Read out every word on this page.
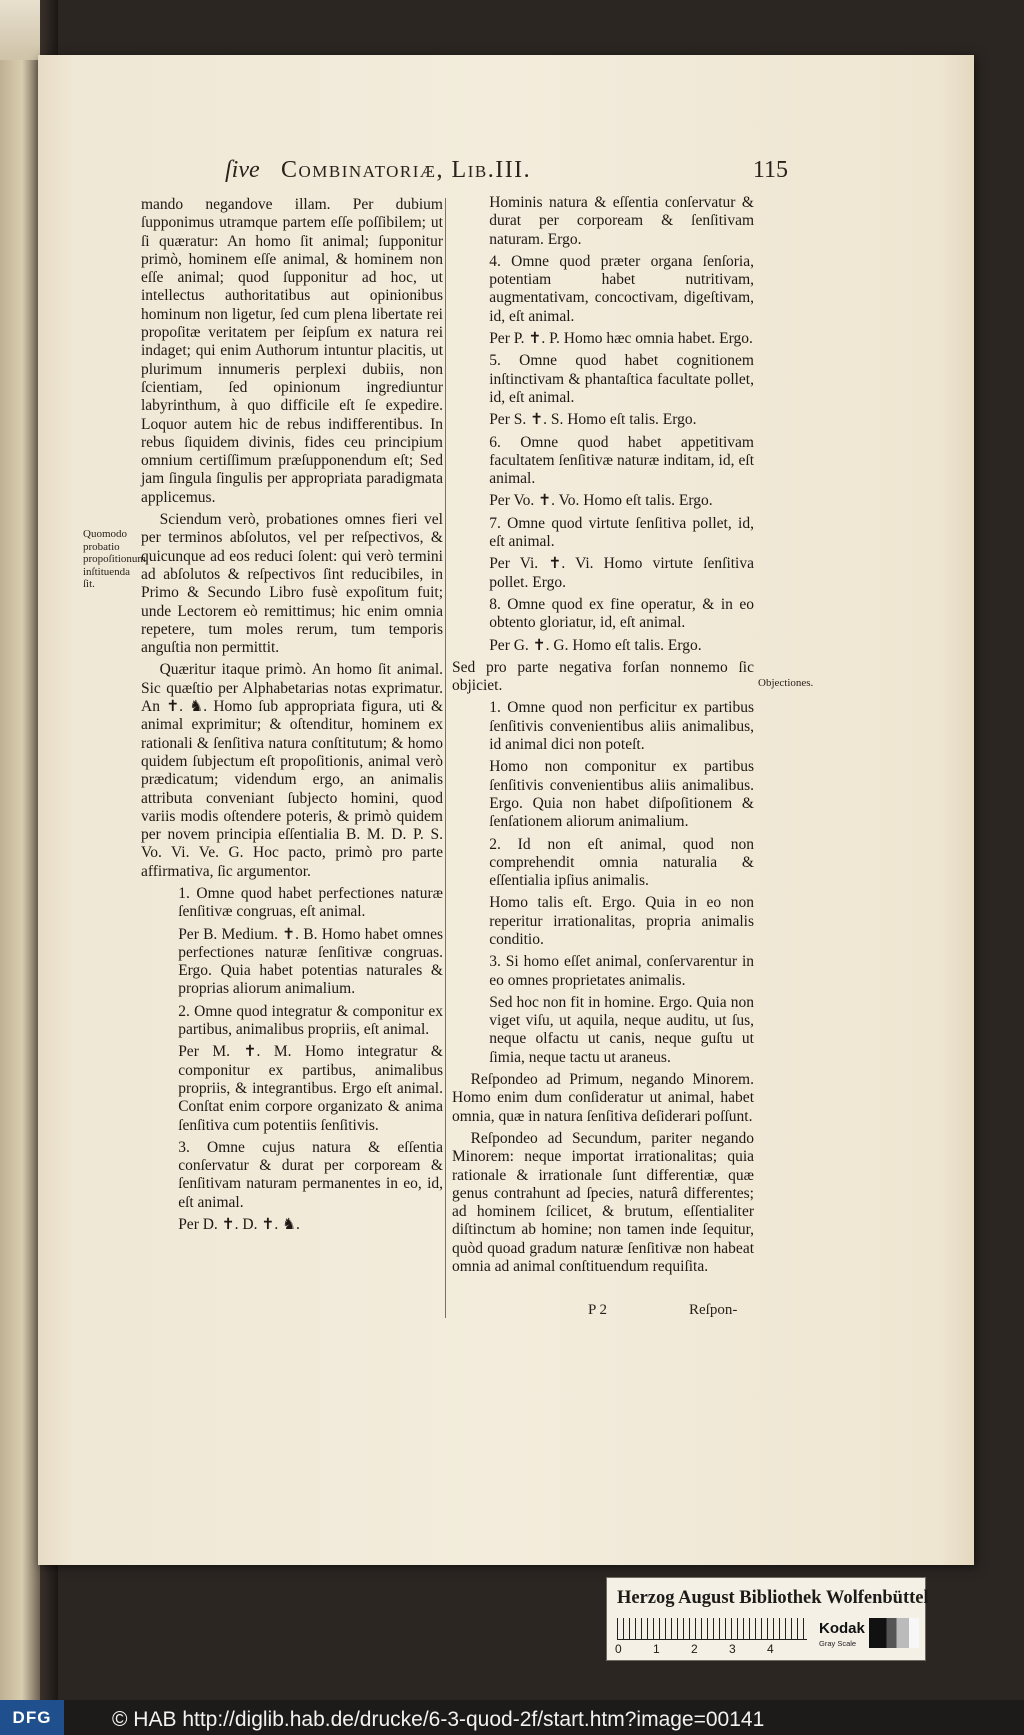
ſive Combinatoriæ, Lib.III.	115

mando negandove illam. Per dubium ſupponimus utramque partem eſſe poſſibilem; ut ſi quæratur: An homo ſit animal; ſupponitur primò, hominem eſſe animal, & hominem non eſſe animal; quod ſupponitur ad hoc, ut intellectus authoritatibus aut opinionibus hominum non ligetur, ſed cum plena libertate rei propoſitæ veritatem per ſeipſum ex natura rei indaget; qui enim Authorum intuntur placitis, ut plurimum innumeris perplexi dubiis, non ſcientiam, ſed opinionum ingrediuntur labyrinthum, à quo difficile eſt ſe expedire. Loquor autem hic de rebus indifferentibus. In rebus ſiquidem divinis, fides ceu principium omnium certiſſimum præſupponendum eſt; Sed jam ſingula ſingulis per appropriata paradigmata applicemus.

Sciendum verò, probationes omnes fieri vel per terminos abſolutos, vel per reſpectivos, & quicunque ad eos reduci ſolent: qui verò termini ad abſolutos & reſpectivos ſint reducibiles, in Primo & Secundo Libro fusè expoſitum fuit; unde Lectorem eò remittimus; hic enim omnia repetere, tum moles rerum, tum temporis anguſtia non permittit.

Quæritur itaque primò. An homo ſit animal. Sic quæſtio per Alphabetarias notas exprimatur. An ✝. ♞. Homo ſub appropriata figura, uti & animal exprimitur; & oſtenditur, hominem ex rationali & ſenſitiva natura conſtitutum; & homo quidem ſubjectum eſt propoſitionis, animal verò prædicatum; videndum ergo, an animalis attributa conveniant ſubjecto homini, quod variis modis oſtendere poteris, & primò quidem per novem principia eſſentialia B. M. D. P. S. Vo. Vi. Ve. G. Hoc pacto, primò pro parte affirmativa, ſic argumentor.

1. Omne quod habet perfectiones naturæ ſenſitivæ congruas, eſt animal.

Per B. Medium. ✝. B. Homo habet omnes perfectiones naturæ ſenſitivæ congruas. Ergo. Quia habet potentias naturales & proprias aliorum animalium.

2. Omne quod integratur & componitur ex partibus, animalibus propriis, eſt animal.

Per M. ✝. M. Homo integratur & componitur ex partibus, animalibus propriis, & integrantibus. Ergo eſt animal. Conſtat enim corpore organizato & anima ſenſitiva cum potentiis ſenſitivis.

3. Omne cujus natura & eſſentia conſervatur & durat per corpoream & ſenſitivam naturam permanentes in eo, id, eſt animal.

Per D. ✝. D. ✝. ♞.

Hominis natura & eſſentia conſervatur & durat per corpoream & ſenſitivam naturam. Ergo.

4. Omne quod præter organa ſenſoria, potentiam habet nutritivam, augmentativam, concoctivam, digeſtivam, id, eſt animal.

Per P. ✝. P. Homo hæc omnia habet. Ergo.

5. Omne quod habet cognitionem inſtinctivam & phantaſtica facultate pollet, id, eſt animal.

Per S. ✝. S. Homo eſt talis. Ergo.

6. Omne quod habet appetitivam facultatem ſenſitivæ naturæ inditam, id, eſt animal.

Per Vo. ✝. Vo. Homo eſt talis. Ergo.

7. Omne quod virtute ſenſitiva pollet, id, eſt animal.

Per Vi. ✝. Vi. Homo virtute ſenſitiva pollet. Ergo.

8. Omne quod ex fine operatur, & in eo obtento gloriatur, id, eſt animal.

Per G. ✝. G. Homo eſt talis. Ergo.

Sed pro parte negativa forſan nonnemo ſic objiciet.

1. Omne quod non perficitur ex partibus ſenſitivis convenientibus aliis animalibus, id animal dici non poteſt.

Homo non componitur ex partibus ſenſitivis convenientibus aliis animalibus. Ergo. Quia non habet diſpoſitionem & ſenſationem aliorum animalium.

2. Id non eſt animal, quod non comprehendit omnia naturalia & eſſentialia ipſius animalis.

Homo talis eſt. Ergo. Quia in eo non reperitur irrationalitas, propria animalis conditio.

3. Si homo eſſet animal, conſervarentur in eo omnes proprietates animalis.

Sed hoc non fit in homine. Ergo. Quia non viget viſu, ut aquila, neque auditu, ut ſus, neque olfactu ut canis, neque guſtu ut ſimia, neque tactu ut araneus.

Reſpondeo ad Primum, negando Minorem. Homo enim dum conſideratur ut animal, habet omnia, quæ in natura ſenſitiva deſiderari poſſunt.

Reſpondeo ad Secundum, pariter negando Minorem: neque importat irrationalitas; quia rationale & irrationale ſunt differentiæ, quæ genus contrahunt ad ſpecies, naturâ differentes; ad hominem ſcilicet, & brutum, eſſentialiter diſtinctum ab homine; non tamen inde ſequitur, quòd quoad gradum naturæ ſenſitivæ non habeat omnia ad animal conſtituendum requiſita.

Quomodo probatio propoſitionum inſtituenda ſit.
Objectiones.
P 2	Reſpon-
Herzog August Bibliothek Wolfenbüttel
0	1	2	3	4
Kodak
Gray Scale
DFG	© HAB http://diglib.hab.de/drucke/6-3-quod-2f/start.htm?image=00141
